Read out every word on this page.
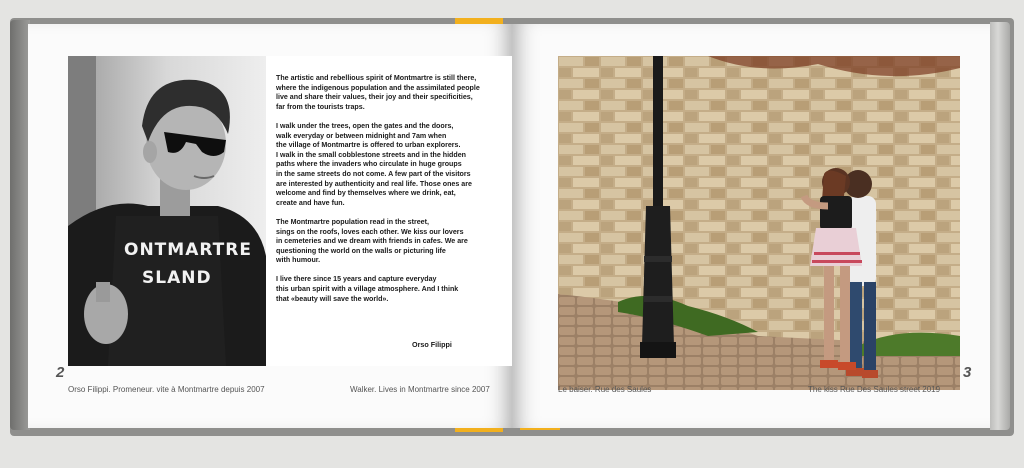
ONTMARTRE
SLAND

The artistic and rebellious spirit of Montmartre is still there,
where the indigenous population and the assimilated people
live and share their values, their joy and their specificities,
far from the tourists traps.

I walk under the trees, open the gates and the doors,
walk everyday or between midnight and 7am when
the village of Montmartre is offered to urban explorers.
I walk in the small cobblestone streets and in the hidden
paths where the invaders who circulate in huge groups
in the same streets do not come. A few part of the visitors
are interested by authenticity and real life. Those ones are
welcome and find by themselves where we drink, eat,
create and have fun.

The Montmartre population read in the street,
sings on the roofs, loves each other. We kiss our lovers
in cemeteries and we dream with friends in cafes. We are
questioning the world on the walls or picturing life
with humour.

I live there since 15 years and capture everyday
this urban spirit with a village atmosphere. And I think
that «beauty will save the world».

Orso Filippi
2
Orso Filippi. Promeneur. vite à Montmartre depuis 2007	Walker. Lives in Montmartre since 2007
3
Le baiser. Rue des Saules	The kiss Rue Des Saules street 2019
